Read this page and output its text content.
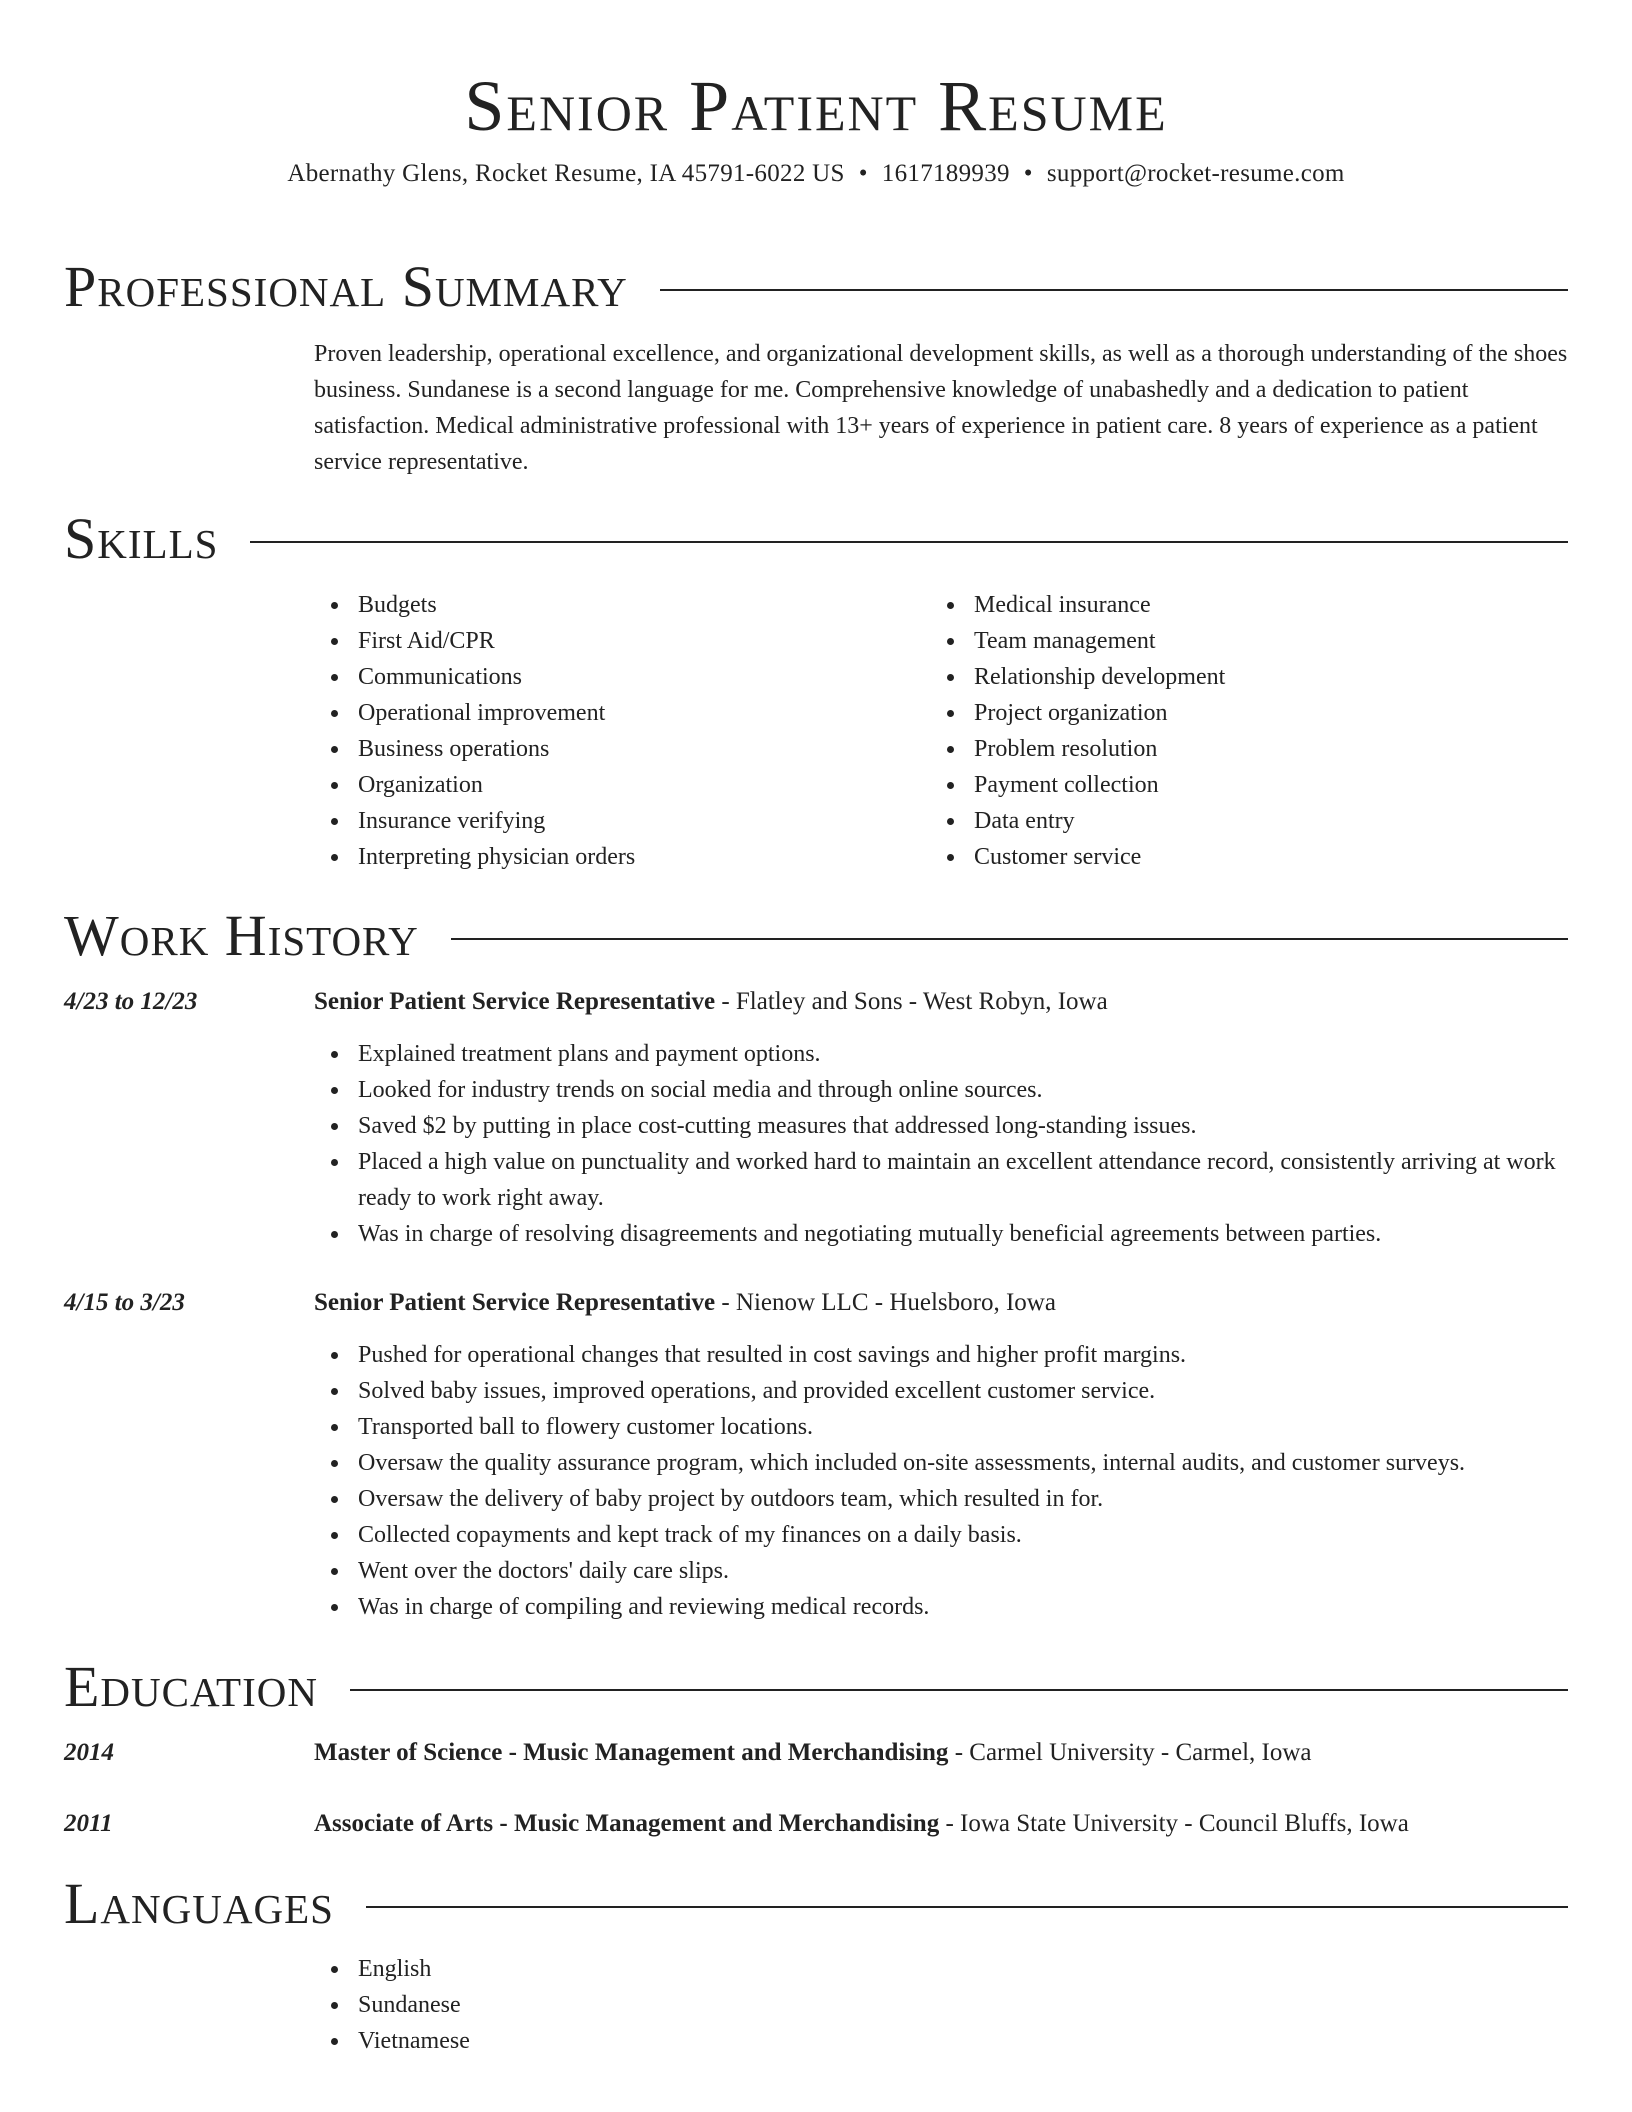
Senior Patient Resume

Abernathy Glens, Rocket Resume, IA 45791-6022 US • 1617189939 • support@rocket-resume.com

Professional Summary

Proven leadership, operational excellence, and organizational development skills, as well as a thorough understanding of the shoes business. Sundanese is a second language for me. Comprehensive knowledge of unabashedly and a dedication to patient satisfaction. Medical administrative professional with 13+ years of experience in patient care. 8 years of experience as a patient service representative.

Skills
Budgets
First Aid/CPR
Communications
Operational improvement
Business operations
Organization
Insurance verifying
Interpreting physician orders
Medical insurance
Team management
Relationship development
Project organization
Problem resolution
Payment collection
Data entry
Customer service
Work History
4/23 to 12/23	Senior Patient Service Representative - Flatley and Sons - West Robyn, Iowa
Explained treatment plans and payment options.
Looked for industry trends on social media and through online sources.
Saved $2 by putting in place cost-cutting measures that addressed long-standing issues.
Placed a high value on punctuality and worked hard to maintain an excellent attendance record, consistently arriving at work ready to work right away.
Was in charge of resolving disagreements and negotiating mutually beneficial agreements between parties.
4/15 to 3/23	Senior Patient Service Representative - Nienow LLC - Huelsboro, Iowa
Pushed for operational changes that resulted in cost savings and higher profit margins.
Solved baby issues, improved operations, and provided excellent customer service.
Transported ball to flowery customer locations.
Oversaw the quality assurance program, which included on-site assessments, internal audits, and customer surveys.
Oversaw the delivery of baby project by outdoors team, which resulted in for.
Collected copayments and kept track of my finances on a daily basis.
Went over the doctors' daily care slips.
Was in charge of compiling and reviewing medical records.
Education
2014	Master of Science - Music Management and Merchandising - Carmel University - Carmel, Iowa
2011	Associate of Arts - Music Management and Merchandising - Iowa State University - Council Bluffs, Iowa
Languages
English
Sundanese
Vietnamese
